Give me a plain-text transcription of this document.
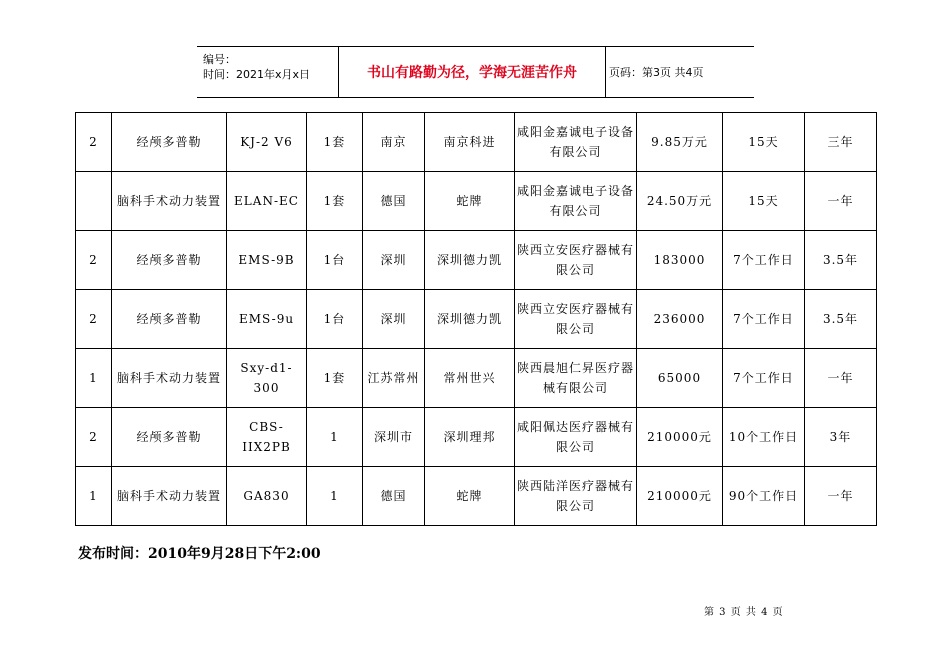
编号：
时间：2021年x月x日	书山有路勤为径，学海无涯苦作舟	页码：第3页 共4页
2	经颅多普勒	KJ-2 V6	1套	南京	南京科进	咸阳金嘉诚电子设备有限公司	9.85万元	15天	三年
	脑科手术动力装置	ELAN-EC	1套	德国	蛇牌	咸阳金嘉诚电子设备有限公司	24.50万元	15天	一年
2	经颅多普勒	EMS-9B	1台	深圳	深圳德力凯	陕西立安医疗器械有限公司	183000	7个工作日	3.5年
2	经颅多普勒	EMS-9u	1台	深圳	深圳德力凯	陕西立安医疗器械有限公司	236000	7个工作日	3.5年
1	脑科手术动力装置	Sxy-d1-300	1套	江苏常州	常州世兴	陕西晨旭仁昇医疗器械有限公司	65000	7个工作日	一年
2	经颅多普勒	CBS-IIX2PB	1	深圳市	深圳理邦	咸阳佩达医疗器械有限公司	210000元	10个工作日	3年
1	脑科手术动力装置	GA830	1	德国	蛇牌	陕西陆洋医疗器械有限公司	210000元	90个工作日	一年
发布时间：2010年9月28日下午2:00
第 3 页 共 4 页
